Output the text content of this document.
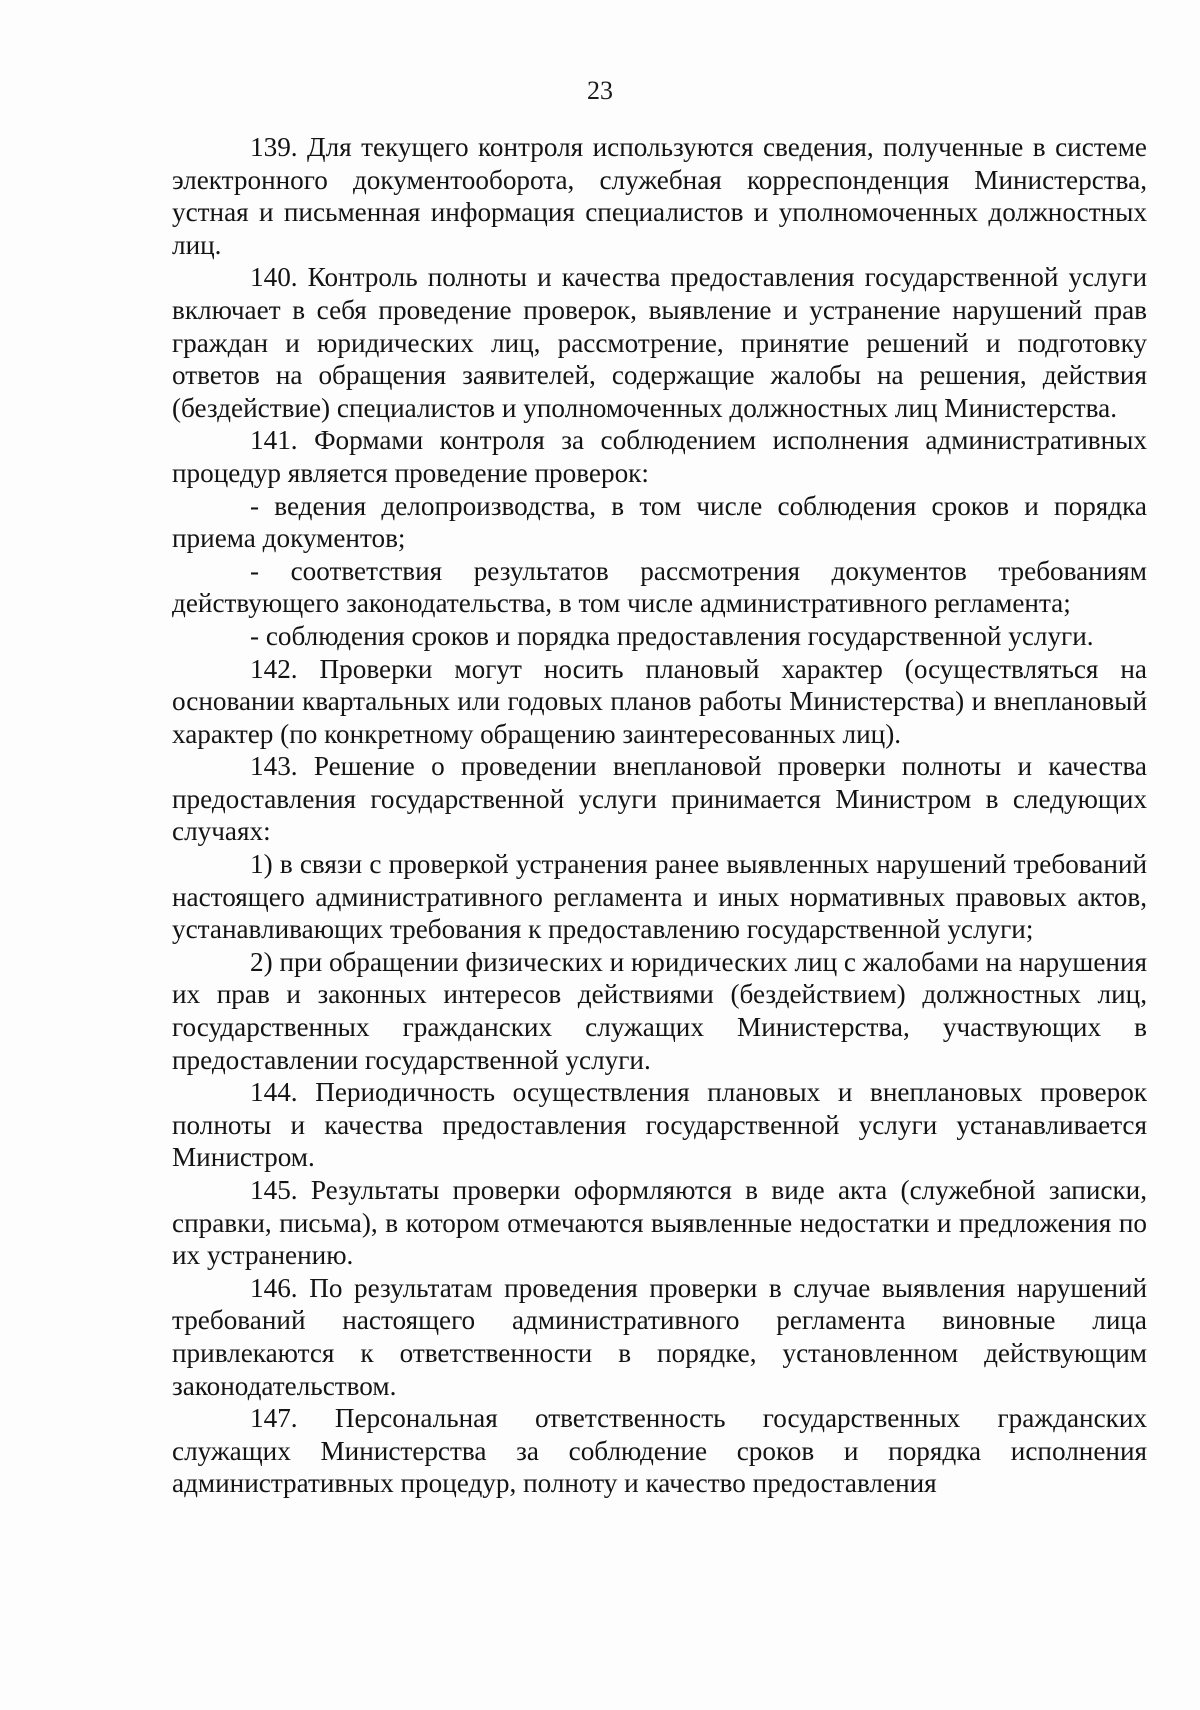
23

139. Для текущего контроля используются сведения, полученные в системе электронного документооборота, служебная корреспонденция Министерства, устная и письменная информация специалистов и уполномоченных должностных лиц.

140. Контроль полноты и качества предоставления государственной услуги включает в себя проведение проверок, выявление и устранение нарушений прав граждан и юридических лиц, рассмотрение, принятие решений и подготовку ответов на обращения заявителей, содержащие жалобы на решения, действия (бездействие) специалистов и уполномоченных должностных лиц Министерства.

141. Формами контроля за соблюдением исполнения административных процедур является проведение проверок:

- ведения делопроизводства, в том числе соблюдения сроков и порядка приема документов;

- соответствия результатов рассмотрения документов требованиям действующего законодательства, в том числе административного регламента;

- соблюдения сроков и порядка предоставления государственной услуги.

142. Проверки могут носить плановый характер (осуществляться на основании квартальных или годовых планов работы Министерства) и внеплановый характер (по конкретному обращению заинтересованных лиц).

143. Решение о проведении внеплановой проверки полноты и качества предоставления государственной услуги принимается Министром в следующих случаях:

1) в связи с проверкой устранения ранее выявленных нарушений требований настоящего административного регламента и иных нормативных правовых актов, устанавливающих требования к предоставлению государственной услуги;

2) при обращении физических и юридических лиц с жалобами на нарушения их прав и законных интересов действиями (бездействием) должностных лиц, государственных гражданских служащих Министерства, участвующих в предоставлении государственной услуги.

144. Периодичность осуществления плановых и внеплановых проверок полноты и качества предоставления государственной услуги устанавливается Министром.

145. Результаты проверки оформляются в виде акта (служебной записки, справки, письма), в котором отмечаются выявленные недостатки и предложения по их устранению.

146. По результатам проведения проверки в случае выявления нарушений требований настоящего административного регламента виновные лица привлекаются к ответственности в порядке, установленном действующим законодательством.

147. Персональная ответственность государственных гражданских служащих Министерства за соблюдение сроков и порядка исполнения административных процедур, полноту и качество предоставления
